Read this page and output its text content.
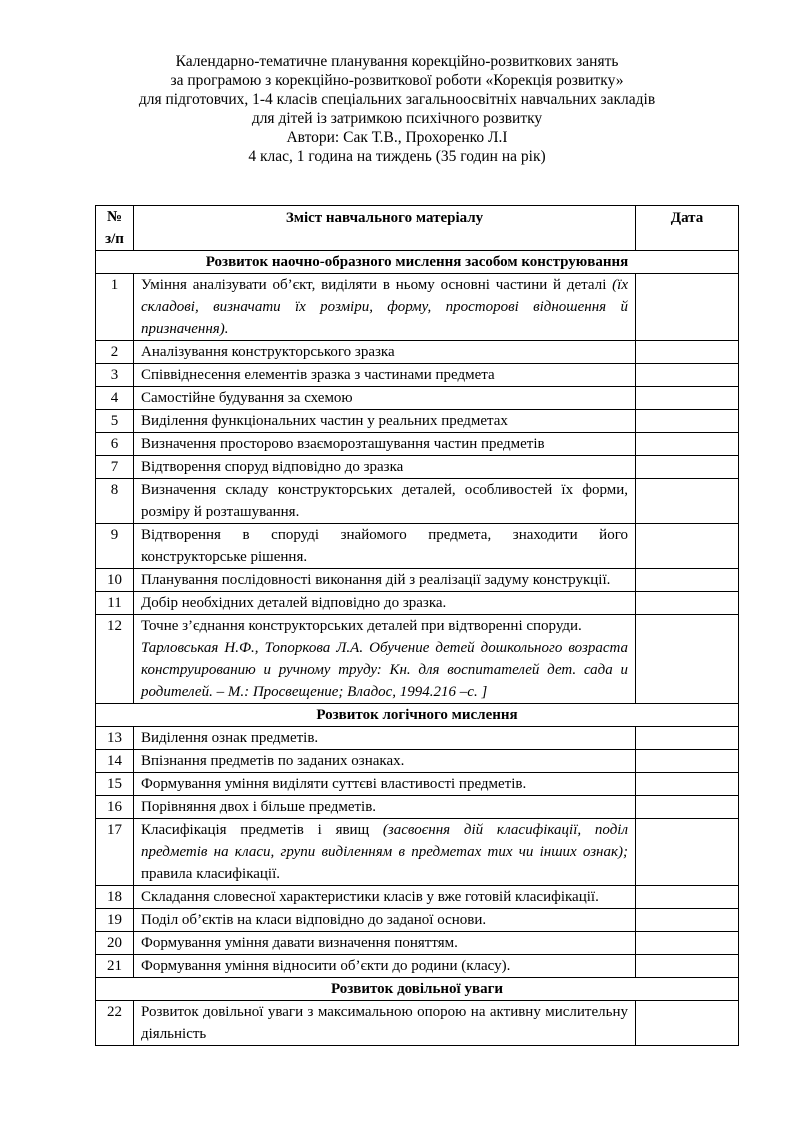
Календарно-тематичне планування корекційно-розвиткових занять
за програмою з корекційно-розвиткової роботи «Корекція розвитку»
для підготовчих, 1-4 класів спеціальних загальноосвітніх навчальних закладів
для дітей із затримкою психічного розвитку
Автори: Сак Т.В., Прохоренко Л.І
4 клас, 1 година на тиждень (35 годин на рік)
№
з/п	Зміст навчального матеріалу	Дата
Розвиток наочно-образного мислення засобом конструювання		
1	Уміння аналізувати об’єкт, виділяти в ньому основні частини й деталі (їх складові, визначати їх розміри, форму, просторові відношення й призначення).	
2	Аналізування конструкторського зразка	
3	Співвіднесення елементів зразка з частинами предмета	
4	Самостійне будування за схемою	
5	Виділення функціональних частин у реальних предметах	
6	Визначення просторово взаєморозташування частин предметів	
7	Відтворення споруд відповідно до зразка	
8	Визначення складу конструкторських деталей, особливостей їх форми, розміру й розташування.	
9	Відтворення в споруді знайомого предмета, знаходити його конструкторське рішення.	
10	Планування послідовності виконання дій з реалізації задуму конструкції.	
11	Добір необхідних деталей відповідно до зразка.	
12	Точне з’єднання конструкторських деталей при відтворенні споруди.
Тарловськая Н.Ф., Топоркова Л.А. Обучение детей дошкольного возраста конструированию и ручному труду: Кн. для воспитателей дет. сада и родителей. – М.: Просвещение; Владос, 1994.216 –с. ]	

Розвиток логічного мислення		
13	Виділення ознак предметів.	
14	Впізнання предметів по заданих ознаках.	
15	Формування уміння виділяти суттєві властивості предметів.	
16	Порівняння двох і більше предметів.	
17	Класифікація предметів і явищ (засвоєння дій класифікації, поділ предметів на класи, групи виділенням в предметах тих чи інших ознак); правила класифікації.	
18	Складання словесної характеристики класів у вже готовій класифікації.	
19	Поділ об’єктів на класи відповідно до заданої основи.	
20	Формування уміння давати визначення поняттям.	
21	Формування уміння відносити об’єкти до родини (класу).	
Розвиток довільної уваги		
22	Розвиток довільної уваги з максимальною опорою на активну мислительну діяльність	
